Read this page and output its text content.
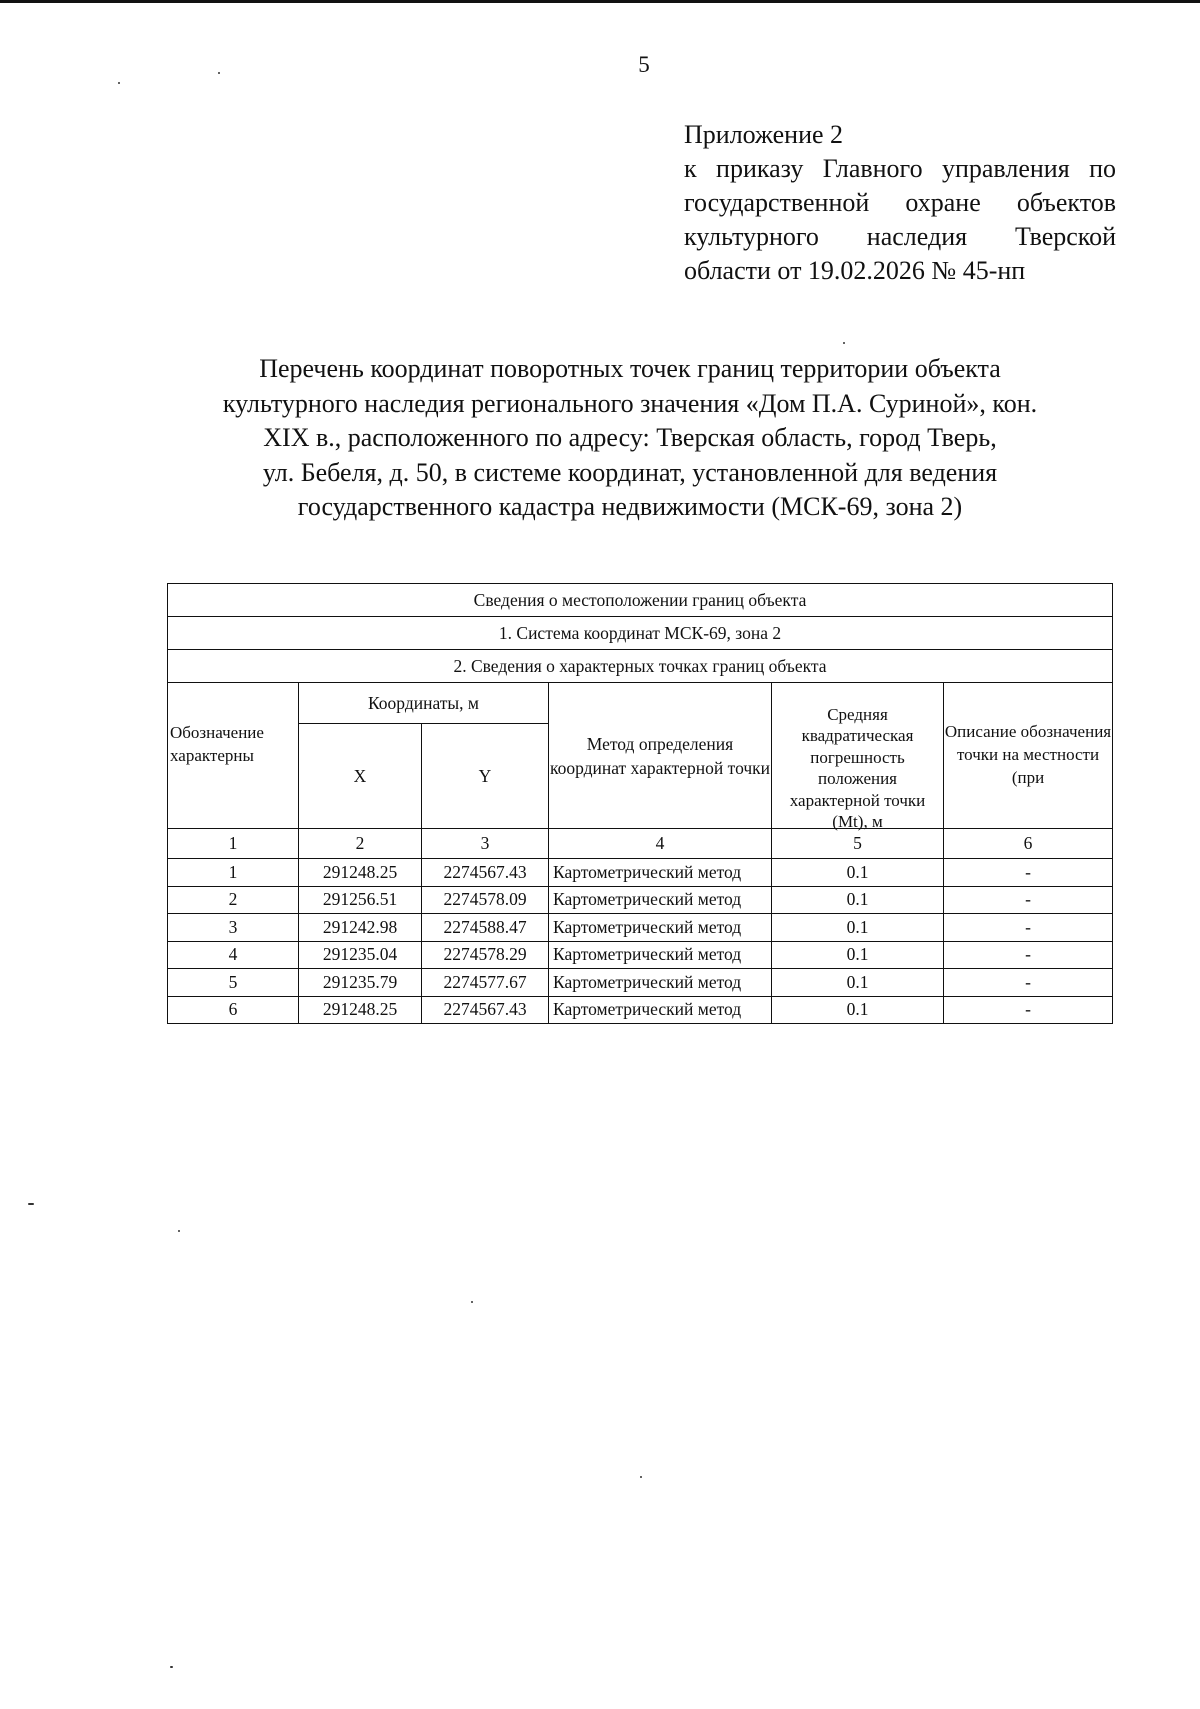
5
Приложение 2
к приказу Главного управления по
государственной охране объектов
культурного наследия Тверской
области от 19.02.2026 № 45-нп
Перечень координат поворотных точек границ территории объекта
культурного наследия регионального значения «Дом П.А. Суриной», кон.
XIX в., расположенного по адресу: Тверская область, город Тверь,
ул. Бебеля, д. 50, в системе координат, установленной для ведения
государственного кадастра недвижимости (МСК-69, зона 2)
Сведения о местоположении границ объекта					
1. Система координат МСК-69, зона 2					
2. Сведения о характерных точках границ объекта					

Обозначение характерны	Координаты, м		Метод определения координат характерной точки	Средняя квадратическая погрешность положения характерной точки (Mt), м	Описание обозначения точки на местности (при

	X	Y			
1	2	3	4	5	6
1	291248.25	2274567.43	Картометрический метод	0.1	-
2	291256.51	2274578.09	Картометрический метод	0.1	-
3	291242.98	2274588.47	Картометрический метод	0.1	-
4	291235.04	2274578.29	Картометрический метод	0.1	-
5	291235.79	2274577.67	Картометрический метод	0.1	-
6	291248.25	2274567.43	Картометрический метод	0.1	-
